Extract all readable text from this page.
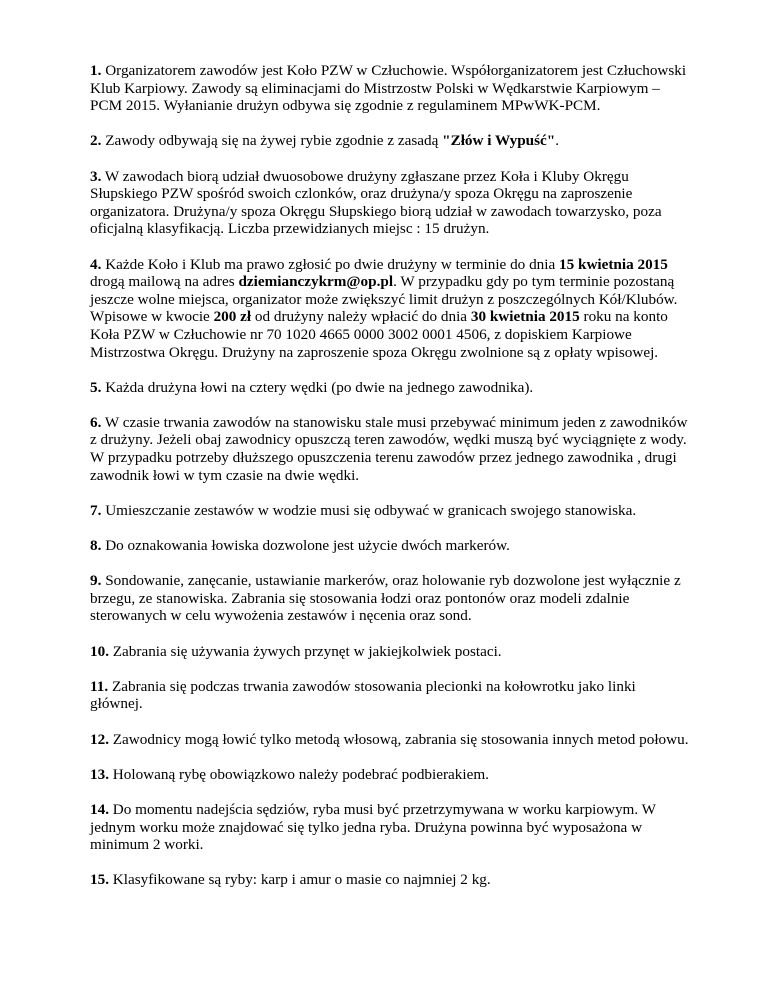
1. Organizatorem zawodów jest Koło PZW w Człuchowie. Współorganizatorem jest Człuchowski Klub Karpiowy. Zawody są eliminacjami do Mistrzostw Polski w Wędkarstwie Karpiowym – PCM 2015. Wyłanianie drużyn odbywa się zgodnie z regulaminem MPwWK-PCM.

2. Zawody odbywają się na żywej rybie zgodnie z zasadą "Złów i Wypuść".

3. W zawodach biorą udział dwuosobowe drużyny zgłaszane przez Koła i Kluby Okręgu Słupskiego PZW spośród swoich czlonków, oraz drużyna/y spoza Okręgu na zaproszenie organizatora. Drużyna/y spoza Okręgu Słupskiego biorą udział w zawodach towarzysko, poza oficjalną klasyfikacją. Liczba przewidzianych miejsc : 15 drużyn.

4. Każde Koło i Klub ma prawo zgłosić po dwie drużyny w terminie do dnia 15 kwietnia 2015 drogą mailową na adres dziemianczykrm@op.pl. W przypadku gdy po tym terminie pozostaną jeszcze wolne miejsca, organizator może zwiększyć limit drużyn z poszczególnych Kół/Klubów. Wpisowe w kwocie 200 zł od drużyny należy wpłacić do dnia 30 kwietnia 2015 roku na konto Koła PZW w Człuchowie nr 70 1020 4665 0000 3002 0001 4506, z dopiskiem Karpiowe Mistrzostwa Okręgu. Drużyny na zaproszenie spoza Okręgu zwolnione są z opłaty wpisowej.

5. Każda drużyna łowi na cztery wędki (po dwie na jednego zawodnika).

6. W czasie trwania zawodów na stanowisku stale musi przebywać minimum jeden z zawodników z drużyny. Jeżeli obaj zawodnicy opuszczą teren zawodów, wędki muszą być wyciągnięte z wody. W przypadku potrzeby dłuższego opuszczenia terenu zawodów przez jednego zawodnika , drugi zawodnik łowi w tym czasie na dwie wędki.

7. Umieszczanie zestawów w wodzie musi się odbywać w granicach swojego stanowiska.

8. Do oznakowania łowiska dozwolone jest użycie dwóch markerów.

9. Sondowanie, zanęcanie, ustawianie markerów, oraz holowanie ryb dozwolone jest wyłącznie z brzegu, ze stanowiska. Zabrania się stosowania łodzi oraz pontonów oraz modeli zdalnie sterowanych w celu wywożenia zestawów i nęcenia oraz sond.

10. Zabrania się używania żywych przynęt w jakiejkolwiek postaci.

11. Zabrania się podczas trwania zawodów stosowania plecionki na kołowrotku jako linki głównej.

12. Zawodnicy mogą łowić tylko metodą włosową, zabrania się stosowania innych metod połowu.

13. Holowaną rybę obowiązkowo należy podebrać podbierakiem.

14. Do momentu nadejścia sędziów, ryba musi być przetrzymywana w worku karpiowym. W jednym worku może znajdować się tylko jedna ryba. Drużyna powinna być wyposażona w minimum 2 worki.

15. Klasyfikowane są ryby: karp i amur o masie co najmniej 2 kg.
